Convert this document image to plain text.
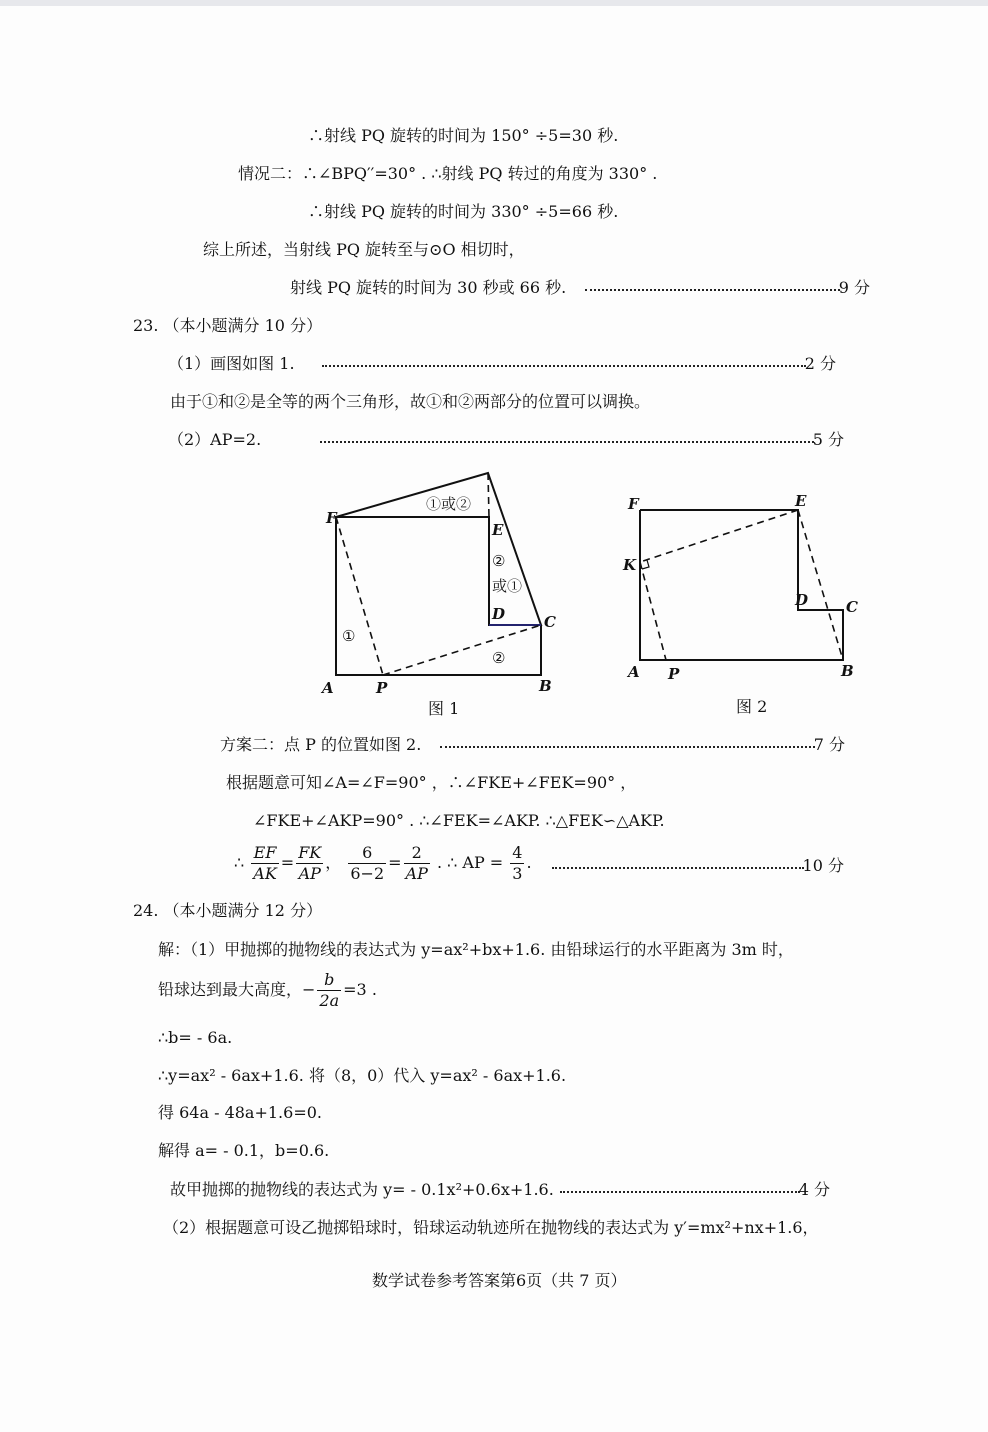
∴射线 PQ 旋转的时间为 150° ÷5=30 秒.
情况二：∴∠BPQ′′=30° . ∴射线 PQ 转过的角度为 330° .
∴射线 PQ 旋转的时间为 330° ÷5=66 秒.
综上所述，当射线 PQ 旋转至与⊙O 相切时，
射线 PQ 旋转的时间为 30 秒或 66 秒.	9 分
23. （本小题满分 10 分）
（1）画图如图 1.	2 分
由于①和②是全等的两个三角形，故①和②两部分的位置可以调换。
（2）AP=2.	5 分
F
E
D	C
A	P	B
①或②
②
或①
①
②
图 1
F	E
K
D	C
A P	B
图 2
方案二：点 P 的位置如图 2.	7 分
根据题意可知∠A=∠F=90° ，∴∠FKE+∠FEK=90° ，
∠FKE+∠AKP=90° . ∴∠FEK=∠AKP. ∴△FEK∽△AKP.
∴ $\frac{EF}{AK} = \frac{FK}{AP}$ ， $\frac{6}{6-2} = \frac{2}{AP}$ . ∴ AP = $\frac{4}{3}$ .	10 分
24. （本小题满分 12 分）
解：（1）甲抛掷的抛物线的表达式为 y=ax²+bx+1.6. 由铅球运行的水平距离为 3m 时，
铅球达到最大高度，− $\frac{b}{2a} =3$ .
∴b= - 6a.
∴y=ax² - 6ax+1.6. 将（8，0）代入 y=ax² - 6ax+1.6.
得 64a - 48a+1.6=0.
解得 a= - 0.1，b=0.6.
故甲抛掷的抛物线的表达式为 y= - 0.1x²+0.6x+1.6.	4 分
（2）根据题意可设乙抛掷铅球时，铅球运动轨迹所在抛物线的表达式为 y′=mx²+nx+1.6，
数学试卷参考答案第6页（共 7 页）
